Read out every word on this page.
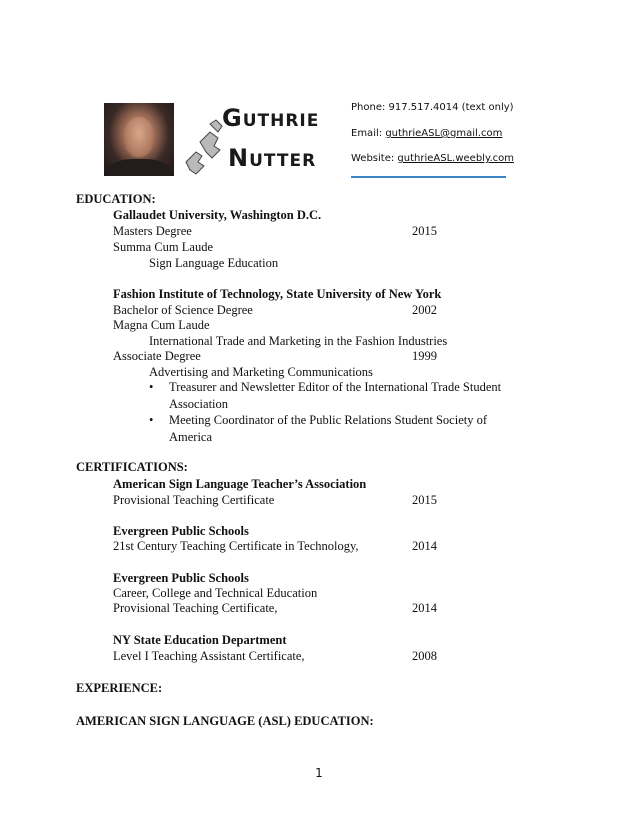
Guthrie
Nutter
Phone: 917.517.4014 (text only)
Email: guthrieASL@gmail.com
Website: guthrieASL.weebly.com
EDUCATION:
Gallaudet University, Washington D.C.
Masters Degree	2015
Summa Cum Laude
Sign Language Education
Fashion Institute of Technology, State University of New York
Bachelor of Science Degree	2002
Magna Cum Laude
International Trade and Marketing in the Fashion Industries
Associate Degree	1999
Advertising and Marketing Communications
• Treasurer and Newsletter Editor of the International Trade Student
Association
• Meeting Coordinator of the Public Relations Student Society of
America
CERTIFICATIONS:
American Sign Language Teacher’s Association
Provisional Teaching Certificate	2015
Evergreen Public Schools
21st Century Teaching Certificate in Technology,	2014
Evergreen Public Schools
Career, College and Technical Education
Provisional Teaching Certificate,	2014
NY State Education Department
Level I Teaching Assistant Certificate,	2008
EXPERIENCE:
AMERICAN SIGN LANGUAGE (ASL) EDUCATION:
1
